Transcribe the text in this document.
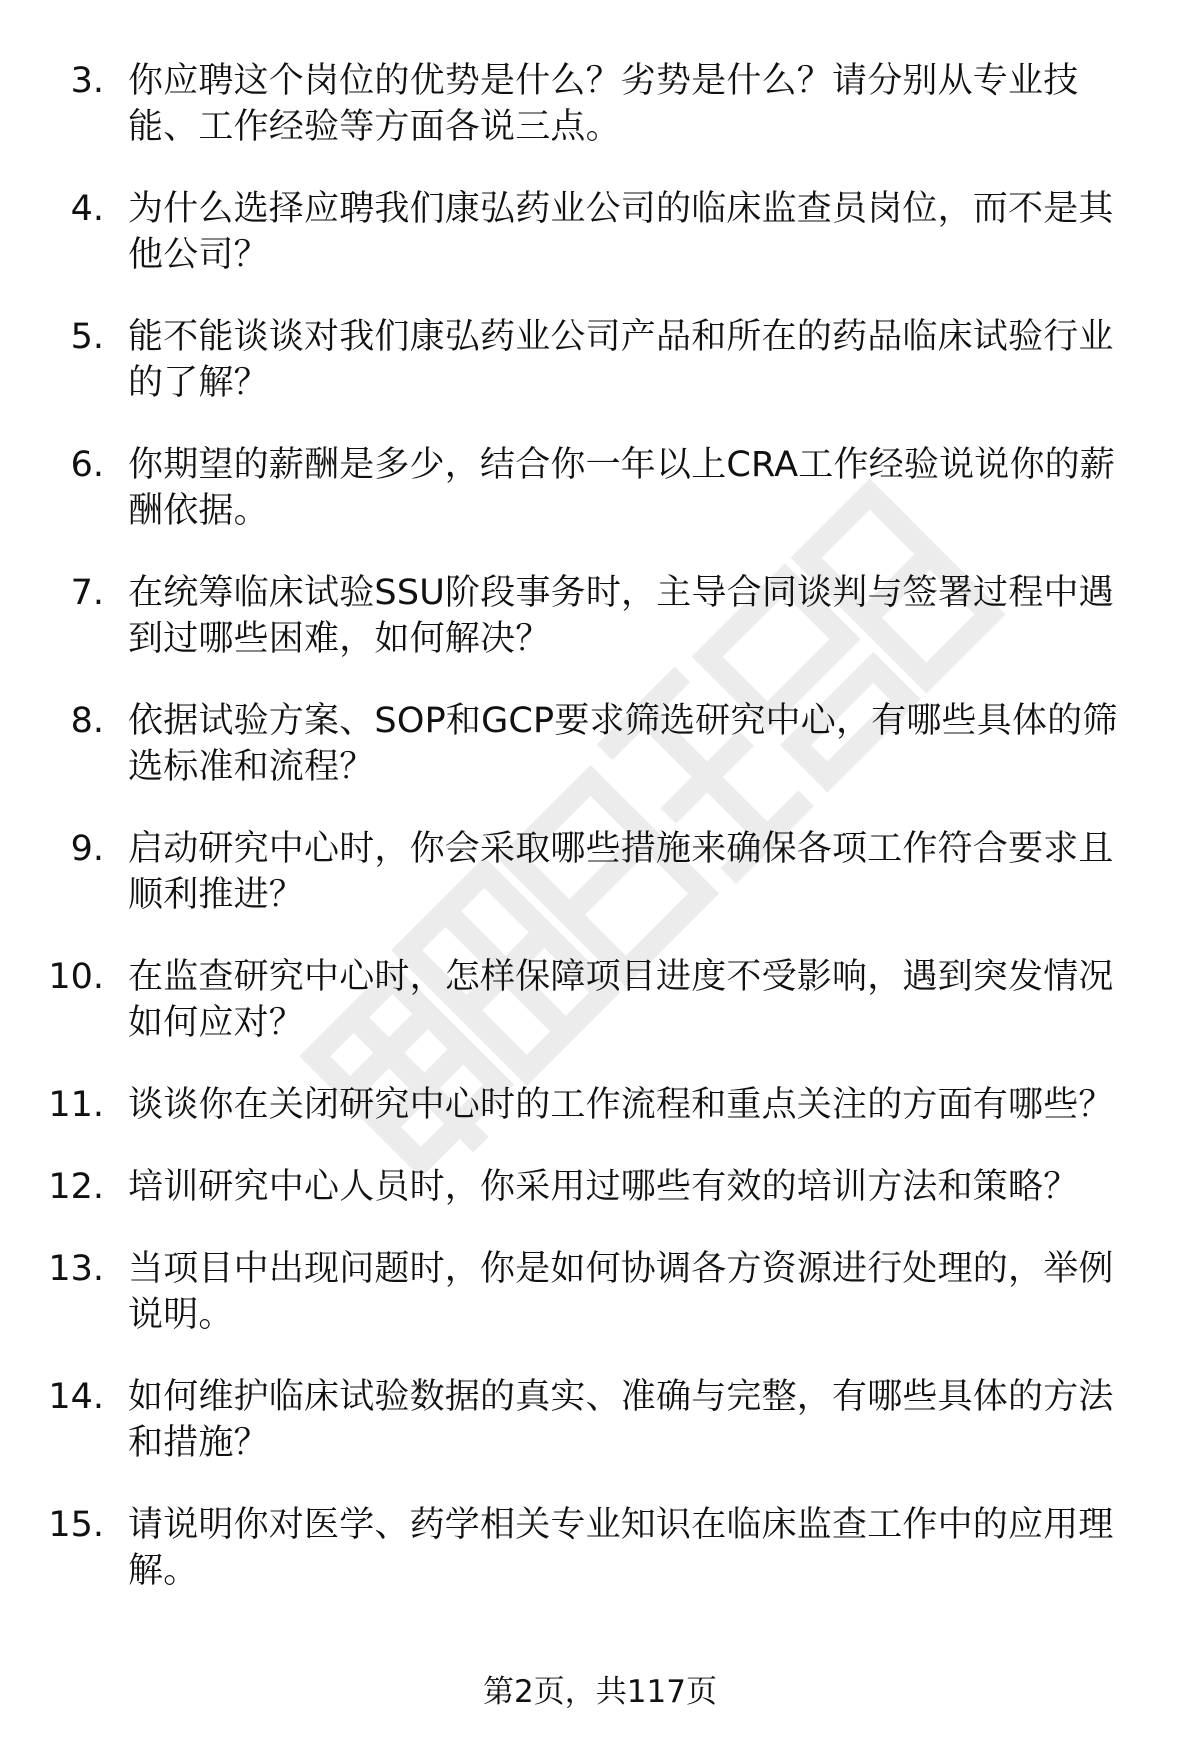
3. 你应聘这个岗位的优势是什么？劣势是什么？请分别从专业技能、工作经验等方面各说三点。
4. 为什么选择应聘我们康弘药业公司的临床监查员岗位，而不是其他公司？
5. 能不能谈谈对我们康弘药业公司产品和所在的药品临床试验行业的了解？
6. 你期望的薪酬是多少，结合你一年以上CRA工作经验说说你的薪酬依据。
7. 在统筹临床试验SSU阶段事务时，主导合同谈判与签署过程中遇到过哪些困难，如何解决？
8. 依据试验方案、SOP和GCP要求筛选研究中心，有哪些具体的筛选标准和流程？
9. 启动研究中心时，你会采取哪些措施来确保各项工作符合要求且顺利推进？
10. 在监查研究中心时，怎样保障项目进度不受影响，遇到突发情况如何应对？
11. 谈谈你在关闭研究中心时的工作流程和重点关注的方面有哪些？
12. 培训研究中心人员时，你采用过哪些有效的培训方法和策略？
13. 当项目中出现问题时，你是如何协调各方资源进行处理的，举例说明。
14. 如何维护临床试验数据的真实、准确与完整，有哪些具体的方法和措施？
15. 请说明你对医学、药学相关专业知识在临床监查工作中的应用理解。
第2页，共117页
